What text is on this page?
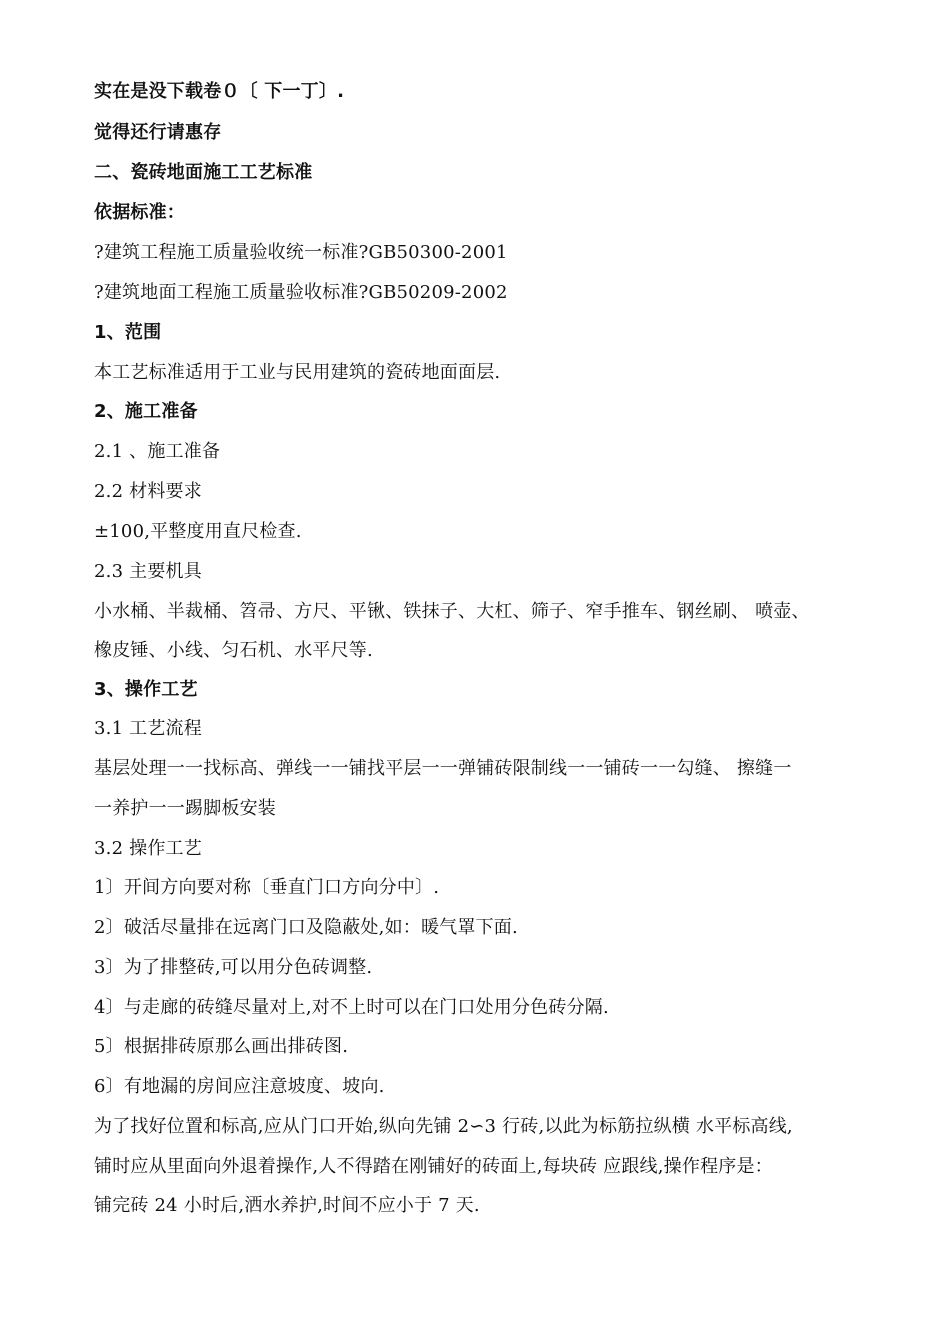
实在是没下载卷０〔 下一丁〕.
觉得还行请惠存
二、瓷砖地面施工工艺标准
依据标准：
?建筑工程施工质量验收统一标准?GB50300-2001
?建筑地面工程施工质量验收标准?GB50209-2002
1、范围
本工艺标准适用于工业与民用建筑的瓷砖地面面层.
2、施工准备
2.1 、施工准备
2.2 材料要求
±100,平整度用直尺检查.
2.3 主要机具
小水桶、半裁桶、笤帚、方尺、平锹、铁抹子、大杠、筛子、窄手推车、钢丝刷、 喷壶、
橡皮锤、小线、匀石机、水平尺等.
3、操作工艺
3.1 工艺流程
基层处理一一找标高、弹线一一铺找平层一一弹铺砖限制线一一铺砖一一勾缝、 擦缝一
一养护一一踢脚板安装
3.2 操作工艺
1〕开间方向要对称〔垂直门口方向分中〕.
2〕破活尽量排在远离门口及隐蔽处,如：暖气罩下面.
3〕为了排整砖,可以用分色砖调整.
4〕与走廊的砖缝尽量对上,对不上时可以在门口处用分色砖分隔.
5〕根据排砖原那么画出排砖图.
6〕有地漏的房间应注意坡度、坡向.
为了找好位置和标高,应从门口开始,纵向先铺 2∽3 行砖,以此为标筋拉纵横 水平标高线,
铺时应从里面向外退着操作,人不得踏在刚铺好的砖面上,每块砖 应跟线,操作程序是：
铺完砖 24 小时后,洒水养护,时间不应小于 7 天.
